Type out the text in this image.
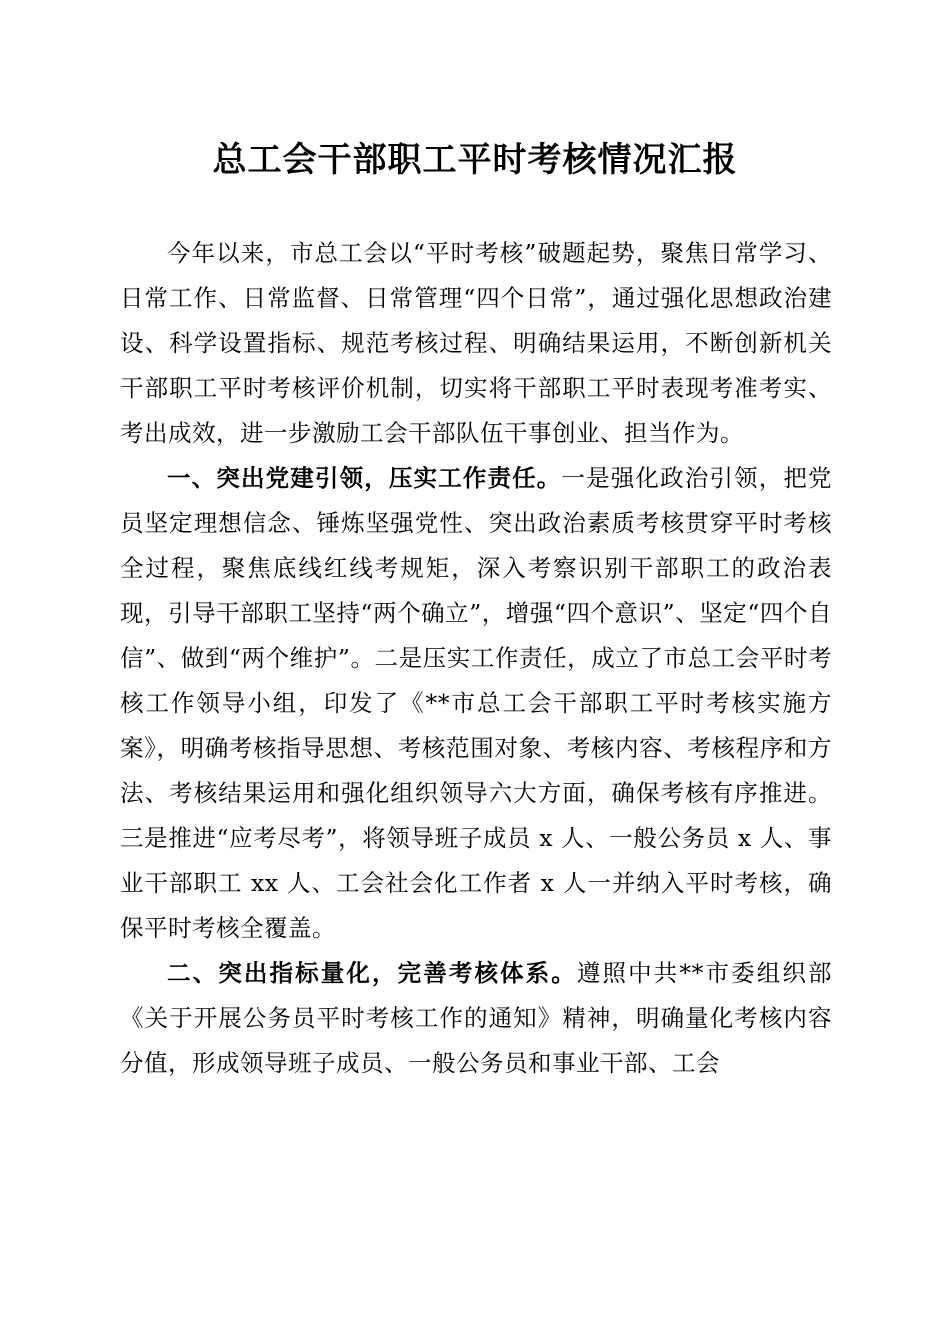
总工会干部职工平时考核情况汇报

今年以来，市总工会以“平时考核”破题起势，聚焦日常学习、日常工作、日常监督、日常管理“四个日常”，通过强化思想政治建设、科学设置指标、规范考核过程、明确结果运用，不断创新机关干部职工平时考核评价机制，切实将干部职工平时表现考准考实、考出成效，进一步激励工会干部队伍干事创业、担当作为。

一、突出党建引领，压实工作责任。一是强化政治引领，把党员坚定理想信念、锤炼坚强党性、突出政治素质考核贯穿平时考核全过程，聚焦底线红线考规矩，深入考察识别干部职工的政治表现，引导干部职工坚持“两个确立”，增强“四个意识”、坚定“四个自信”、做到“两个维护”。二是压实工作责任，成立了市总工会平时考核工作领导小组，印发了《**市总工会干部职工平时考核实施方案》，明确考核指导思想、考核范围对象、考核内容、考核程序和方法、考核结果运用和强化组织领导六大方面，确保考核有序推进。三是推进“应考尽考”，将领导班子成员 x 人、一般公务员 x 人、事业干部职工 xx 人、工会社会化工作者 x 人一并纳入平时考核，确保平时考核全覆盖。

二、突出指标量化，完善考核体系。遵照中共**市委组织部《关于开展公务员平时考核工作的通知》精神，明确量化考核内容分值，形成领导班子成员、一般公务员和事业干部、工会
